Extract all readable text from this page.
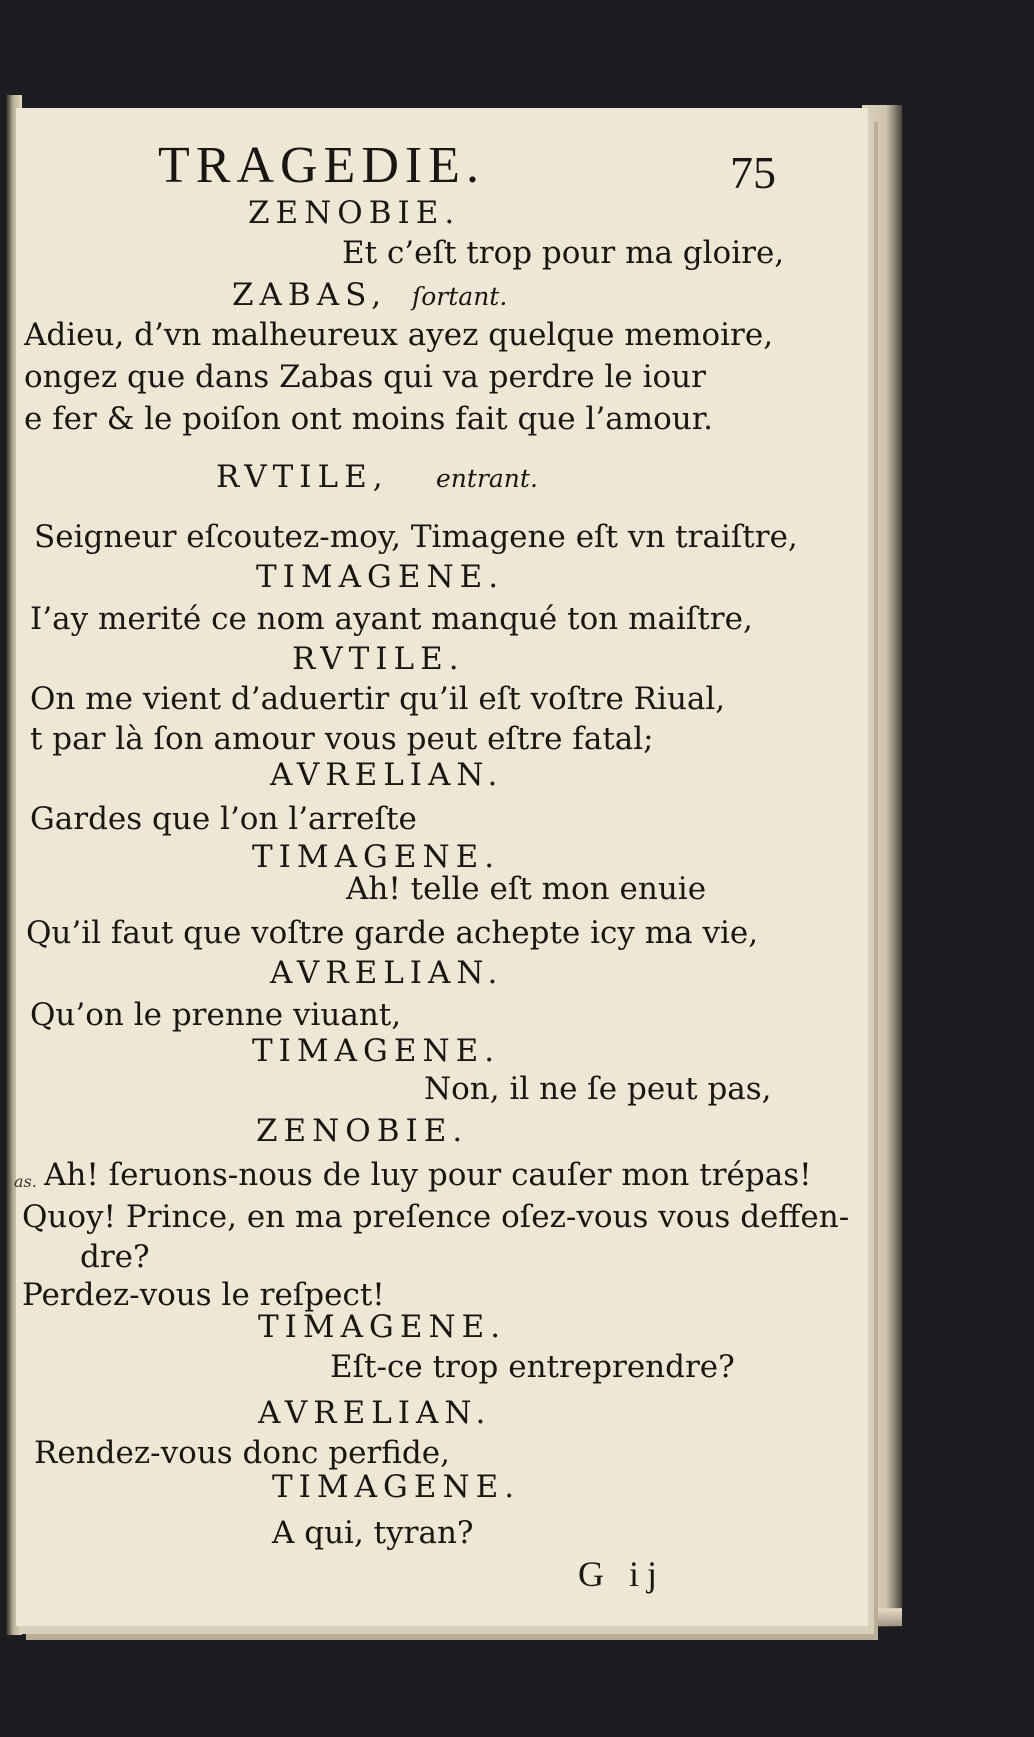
TRAGEDIE.	75
ZENOBIE.
Et c’eſt trop pour ma gloire,
ZABAS, ſortant.
Adieu, d’vn malheureux ayez quelque memoire,
ongez que dans Zabas qui va perdre le iour
e fer & le poiſon ont moins fait que l’amour.
RVTILE, entrant.
Seigneur eſcoutez-moy, Timagene eſt vn traiſtre,
TIMAGENE.
I’ay merité ce nom ayant manqué ton maiſtre,
RVTILE.
On me vient d’aduertir qu’il eſt voſtre Riual,
t par là ſon amour vous peut eſtre fatal;
AVRELIAN.
Gardes que l’on l’arreſte
TIMAGENE.
Ah! telle eſt mon enuie
Qu’il faut que voſtre garde achepte icy ma vie,
AVRELIAN.
Qu’on le prenne viuant,
TIMAGENE.
Non, il ne ſe peut pas,
ZENOBIE.
as. Ah! ſeruons-nous de luy pour cauſer mon trépas!
Quoy! Prince, en ma preſence oſez-vous vous deffen-
dre?
Perdez-vous le reſpect!
TIMAGENE.
Eſt-ce trop entreprendre?
AVRELIAN.
Rendez-vous donc perfide,
TIMAGENE.
A qui, tyran?
G ij
